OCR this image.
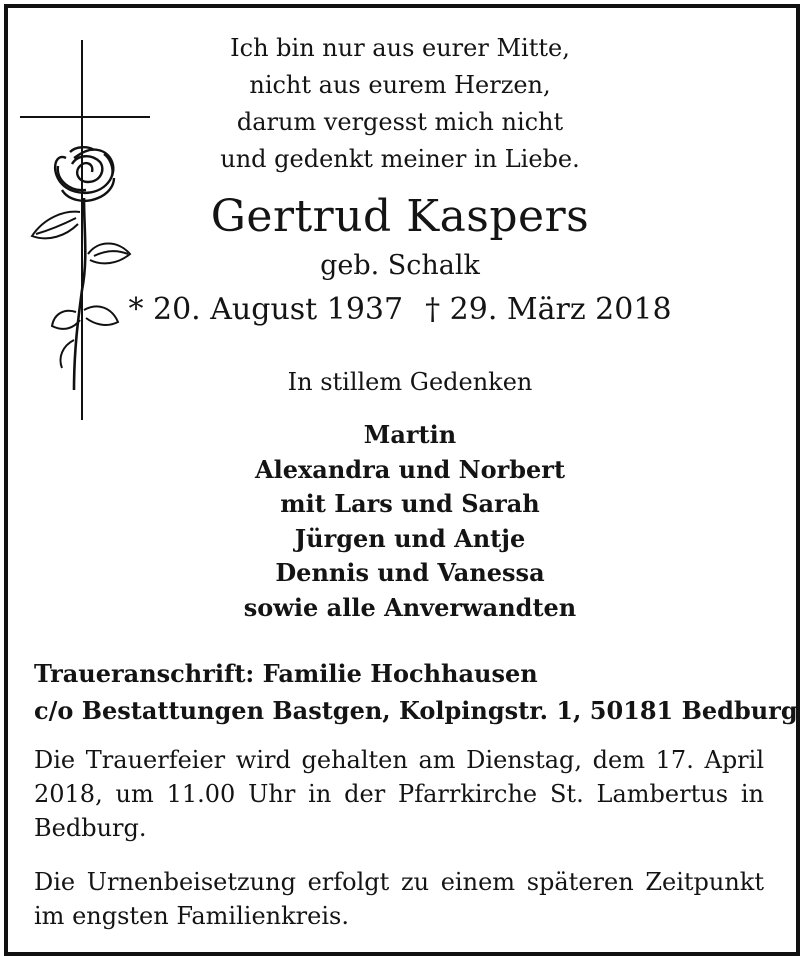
Ich bin nur aus eurer Mitte,
nicht aus eurem Herzen,
darum vergesst mich nicht
und gedenkt meiner in Liebe.
Gertrud Kaspers
geb. Schalk
* 20. August 1937 † 29. März 2018
In stillem Gedenken
Martin
Alexandra und Norbert
mit Lars und Sarah
Jürgen und Antje
Dennis und Vanessa
sowie alle Anverwandten
Traueranschrift: Familie Hochhausen
c/o Bestattungen Bastgen, Kolpingstr. 1, 50181 Bedburg
Die Trauerfeier wird gehalten am Dienstag, dem 17. April 2018, um 11.00 Uhr in der Pfarrkirche St. Lambertus in Bedburg.
Die Urnenbeisetzung erfolgt zu einem späteren Zeitpunkt im engsten Familienkreis.
